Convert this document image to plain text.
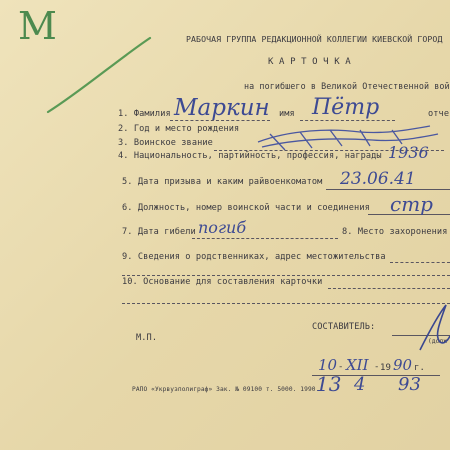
M	РАБОЧАЯ ГРУППА РЕДАКЦИОННОЙ КОЛЛЕГИИ КИЕВСКОЙ ГОРОД
К А Р Т О Ч К А
на погибшего в Великой Отечественной вой
1. Фамилия Маркин имя Пётр	отче
2. Год и место рождения
3. Воинское звание
4. Национальность, партийность, профессия, награды 1936
5. Дата призыва и каким райвоенкоматом 23.06.41
6. Должность, номер воинской части и соединения стр
7. Дата гибели погиб	8. Место захоронения
9. Сведения о родственниках, адрес местожительства
10. Основание для составления карточки
М.П.
СОСТАВИТЕЛЬ:
(долж
10 - XII - 19 90 г.
РАПО «Укрвузполиграф» Зак. № 09100 т. 5000. 1990.
13 4 93
